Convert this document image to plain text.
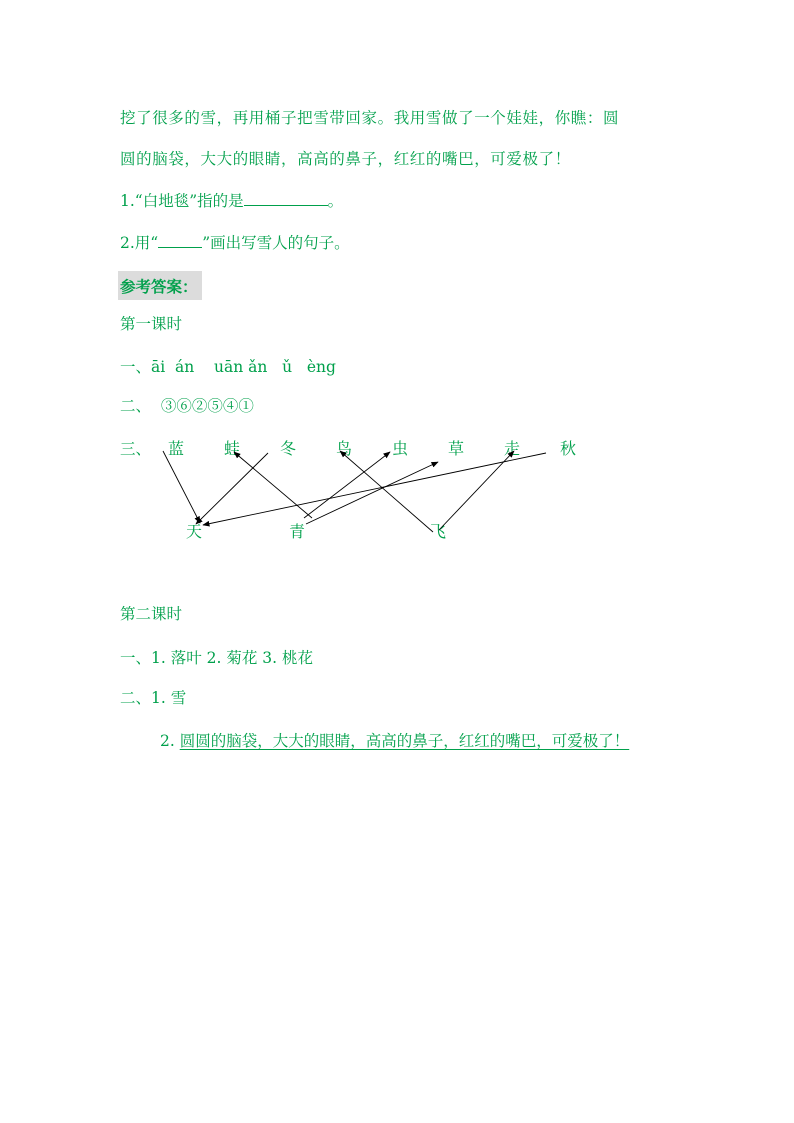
挖了很多的雪，再用桶子把雪带回家。我用雪做了一个娃娃，你瞧：圆
圆的脑袋，大大的眼睛，高高的鼻子，红红的嘴巴，可爱极了！
1.“白地毯”指的是	。
2.用“	”画出写雪人的句子。
参考答案：
第一课时
一、āi  án    uān ǎn   ǔ   èng
二、  ③⑥②⑤④①
三、 蓝 蛙 冬 鸟 虫 草 走 秋
天	青	飞
第二课时
一、1. 落叶 2. 菊花 3. 桃花
二、1. 雪
2. 圆圆的脑袋，大大的眼睛，高高的鼻子，红红的嘴巴，可爱极了！
